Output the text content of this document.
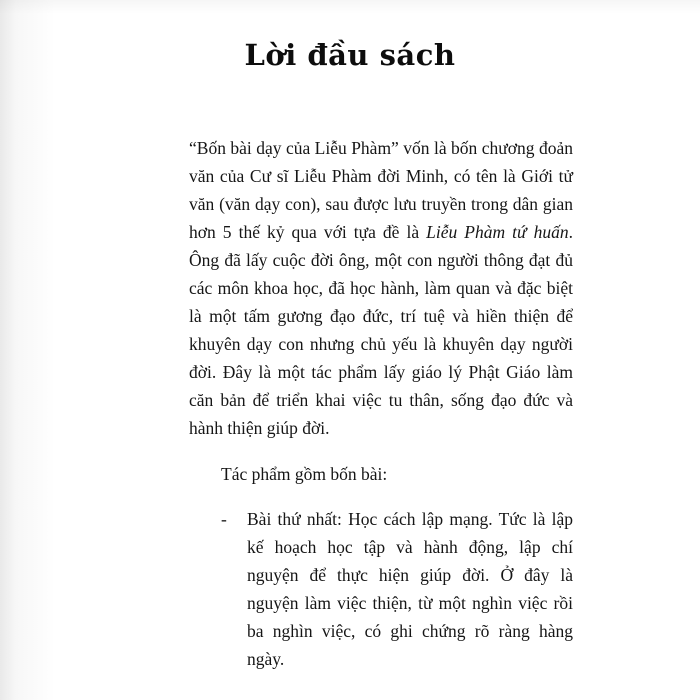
Lời đầu sách

“Bốn bài dạy của Liễu Phàm” vốn là bốn chương đoản văn của Cư sĩ Liễu Phàm đời Minh, có tên là Giới tử văn (văn dạy con), sau được lưu truyền trong dân gian hơn 5 thế kỷ qua với tựa đề là Liễu Phàm tứ huấn. Ông đã lấy cuộc đời ông, một con người thông đạt đủ các môn khoa học, đã học hành, làm quan và đặc biệt là một tấm gương đạo đức, trí tuệ và hiền thiện để khuyên dạy con nhưng chủ yếu là khuyên dạy người đời. Đây là một tác phẩm lấy giáo lý Phật Giáo làm căn bản để triển khai việc tu thân, sống đạo đức và hành thiện giúp đời.

Tác phẩm gồm bốn bài:

-	Bài thứ nhất: Học cách lập mạng. Tức là lập kế hoạch học tập và hành động, lập chí nguyện để thực hiện giúp đời. Ở đây là nguyện làm việc thiện, từ một nghìn việc rồi ba nghìn việc, có ghi chứng rõ ràng hàng ngày.
